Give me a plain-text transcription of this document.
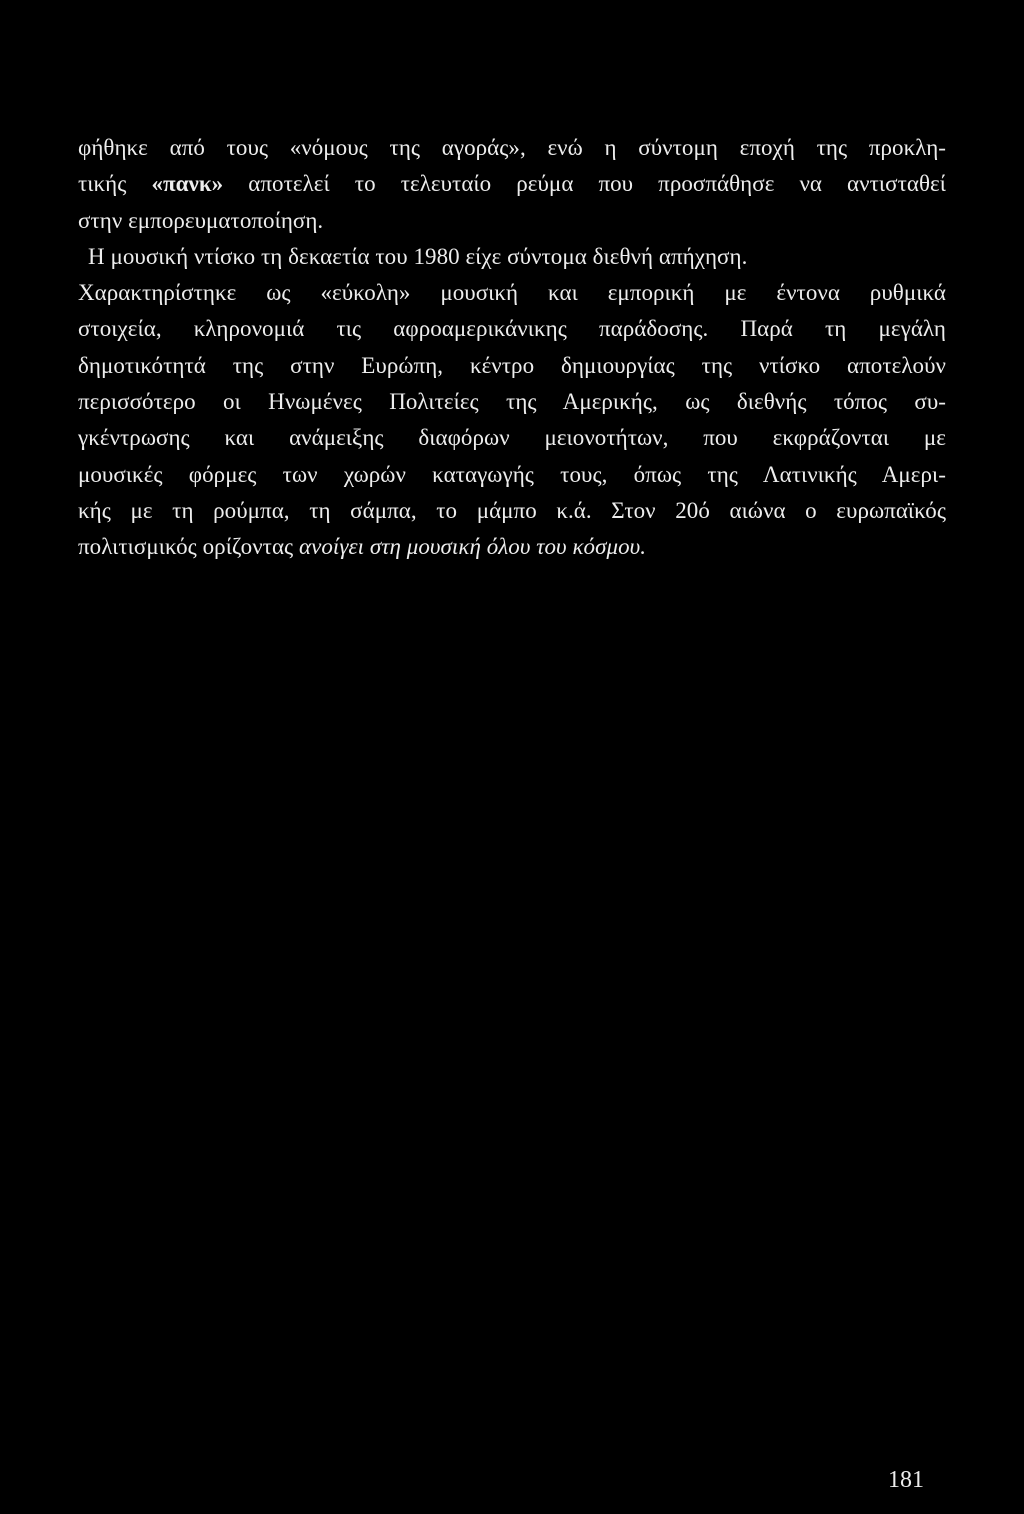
φήθηκε από τους «νόμους της αγοράς», ενώ η σύντομη εποχή της προκλη-
τικής «πανκ» αποτελεί το τελευταίο ρεύμα που προσπάθησε να αντισταθεί
στην εμπορευματοποίηση.
Η μουσική ντίσκο τη δεκαετία του 1980 είχε σύντομα διεθνή απήχηση.
Χαρακτηρίστηκε ως «εύκολη» μουσική και εμπορική με έντονα ρυθμικά
στοιχεία, κληρονομιά τις αφροαμερικάνικης παράδοσης. Παρά τη μεγάλη
δημοτικότητά της στην Ευρώπη, κέντρο δημιουργίας της ντίσκο αποτελούν
περισσότερο οι Ηνωμένες Πολιτείες της Αμερικής, ως διεθνής τόπος συ-
γκέντρωσης και ανάμειξης διαφόρων μειονοτήτων, που εκφράζονται με
μουσικές φόρμες των χωρών καταγωγής τους, όπως της Λατινικής Αμερι-
κής με τη ρούμπα, τη σάμπα, το μάμπο κ.ά. Στον 20ό αιώνα ο ευρωπαϊκός
πολιτισμικός ορίζοντας ανοίγει στη μουσική όλου του κόσμου.
181
